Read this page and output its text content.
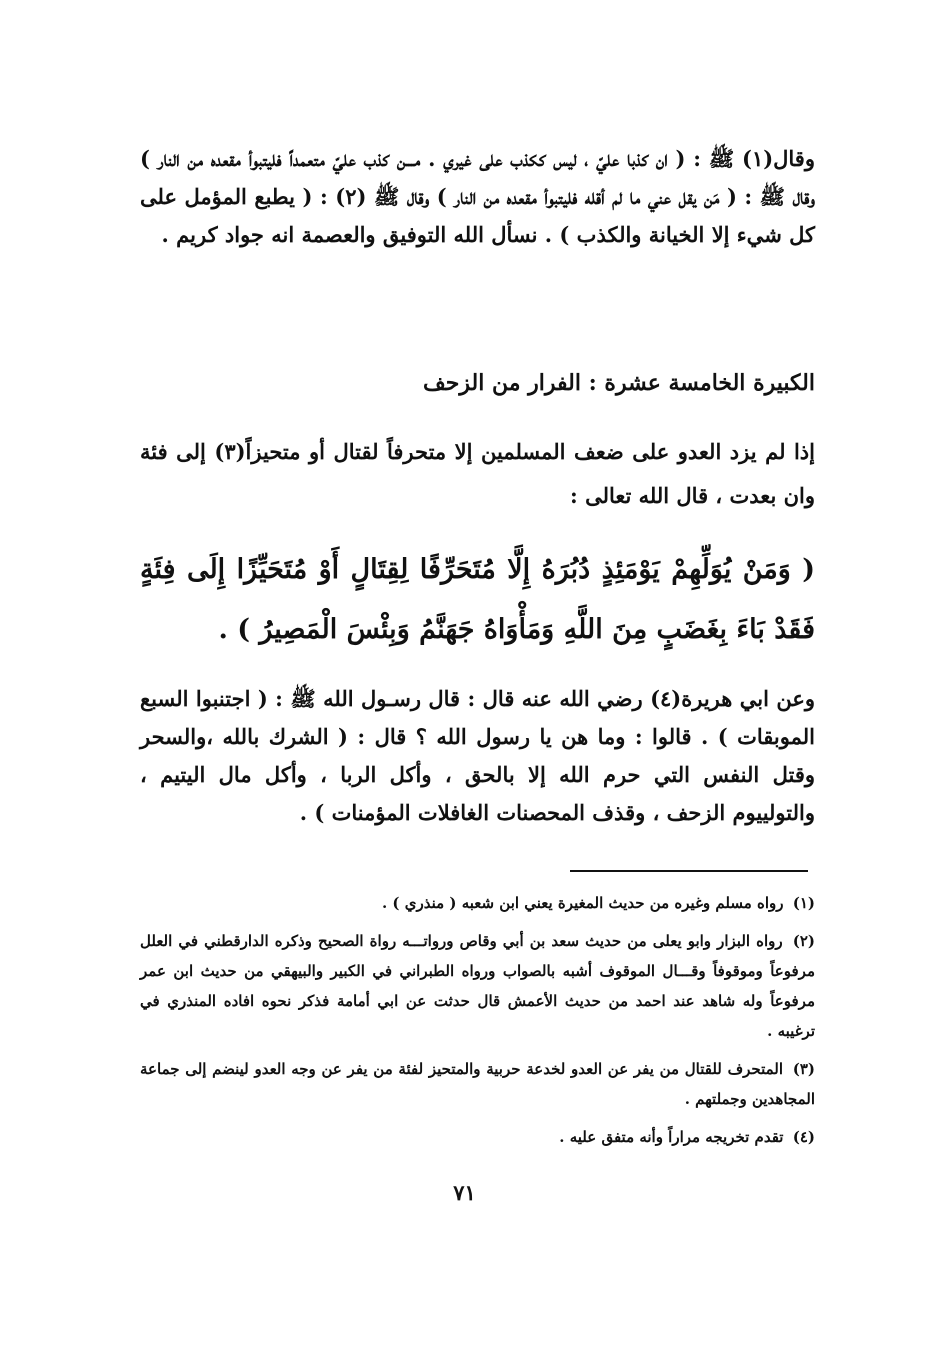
وقال(١) ﷺ : ( ان كذبا عليّ ، ليس ككذب على غيري . مـــن كذب عليّ متعمداً فليتبوأ مقعده من النار ) وقال ﷺ : ( مَن يقل عني ما لم أقله فليتبوأ مقعده من النار ) وقال ﷺ (٢) : ( يطبع المؤمل على كل شيء إلا الخيانة والكذب ) . نسأل الله التوفيق والعصمة انه جواد كريم .

الكبيرة الخامسة عشرة : الفرار من الزحف

إذا لم يزد العدو على ضعف المسلمين إلا متحرفاً لقتال أو متحيزاً(٣) إلى فئة وان بعدت ، قال الله تعالى :

( وَمَنْ يُوَلِّهِمْ يَوْمَئِذٍ دُبُرَهُ إِلَّا مُتَحَرِّفًا لِقِتَالٍ أَوْ مُتَحَيِّزًا إِلَى فِئَةٍ فَقَدْ بَاءَ بِغَضَبٍ مِنَ اللَّهِ وَمَأْوَاهُ جَهَنَّمُ وَبِئْسَ الْمَصِيرُ ) .

وعن ابي هريرة(٤) رضي الله عنه قال : قال رسـول الله ﷺ : ( اجتنبوا السبع الموبقات ) . قالوا : وما هن يا رسول الله ؟ قال : ( الشرك بالله ،والسحر وقتل النفس التي حرم الله إلا بالحق ، وأكل الربا ، وأكل مال اليتيم ، والتولييوم الزحف ، وقذف المحصنات الغافلات المؤمنات ) .

(١) رواه مسلم وغيره من حديث المغيرة يعني ابن شعبه ( منذري ) .

(٢) رواه البزار وابو يعلى من حديث سعد بن أبي وقاص ورواتـــه رواة الصحيح وذكره الدارقطني في العلل مرفوعاً وموقوفاً وقـــال الموقوف أشبه بالصواب ورواه الطبراني في الكبير والبيهقي من حديث ابن عمر مرفوعاً وله شاهد عند احمد من حديث الأعمش قال حدثت عن ابي أمامة فذكر نحوه افاده المنذري في ترغيبه .

(٣) المتحرف للقتال من يفر عن العدو لخدعة حربية والمتحيز لفئة من يفر عن وجه العدو لينضم إلى جماعة المجاهدين وجملتهم .

(٤) تقدم تخريجه مراراً وأنه متفق عليه .

٧١
